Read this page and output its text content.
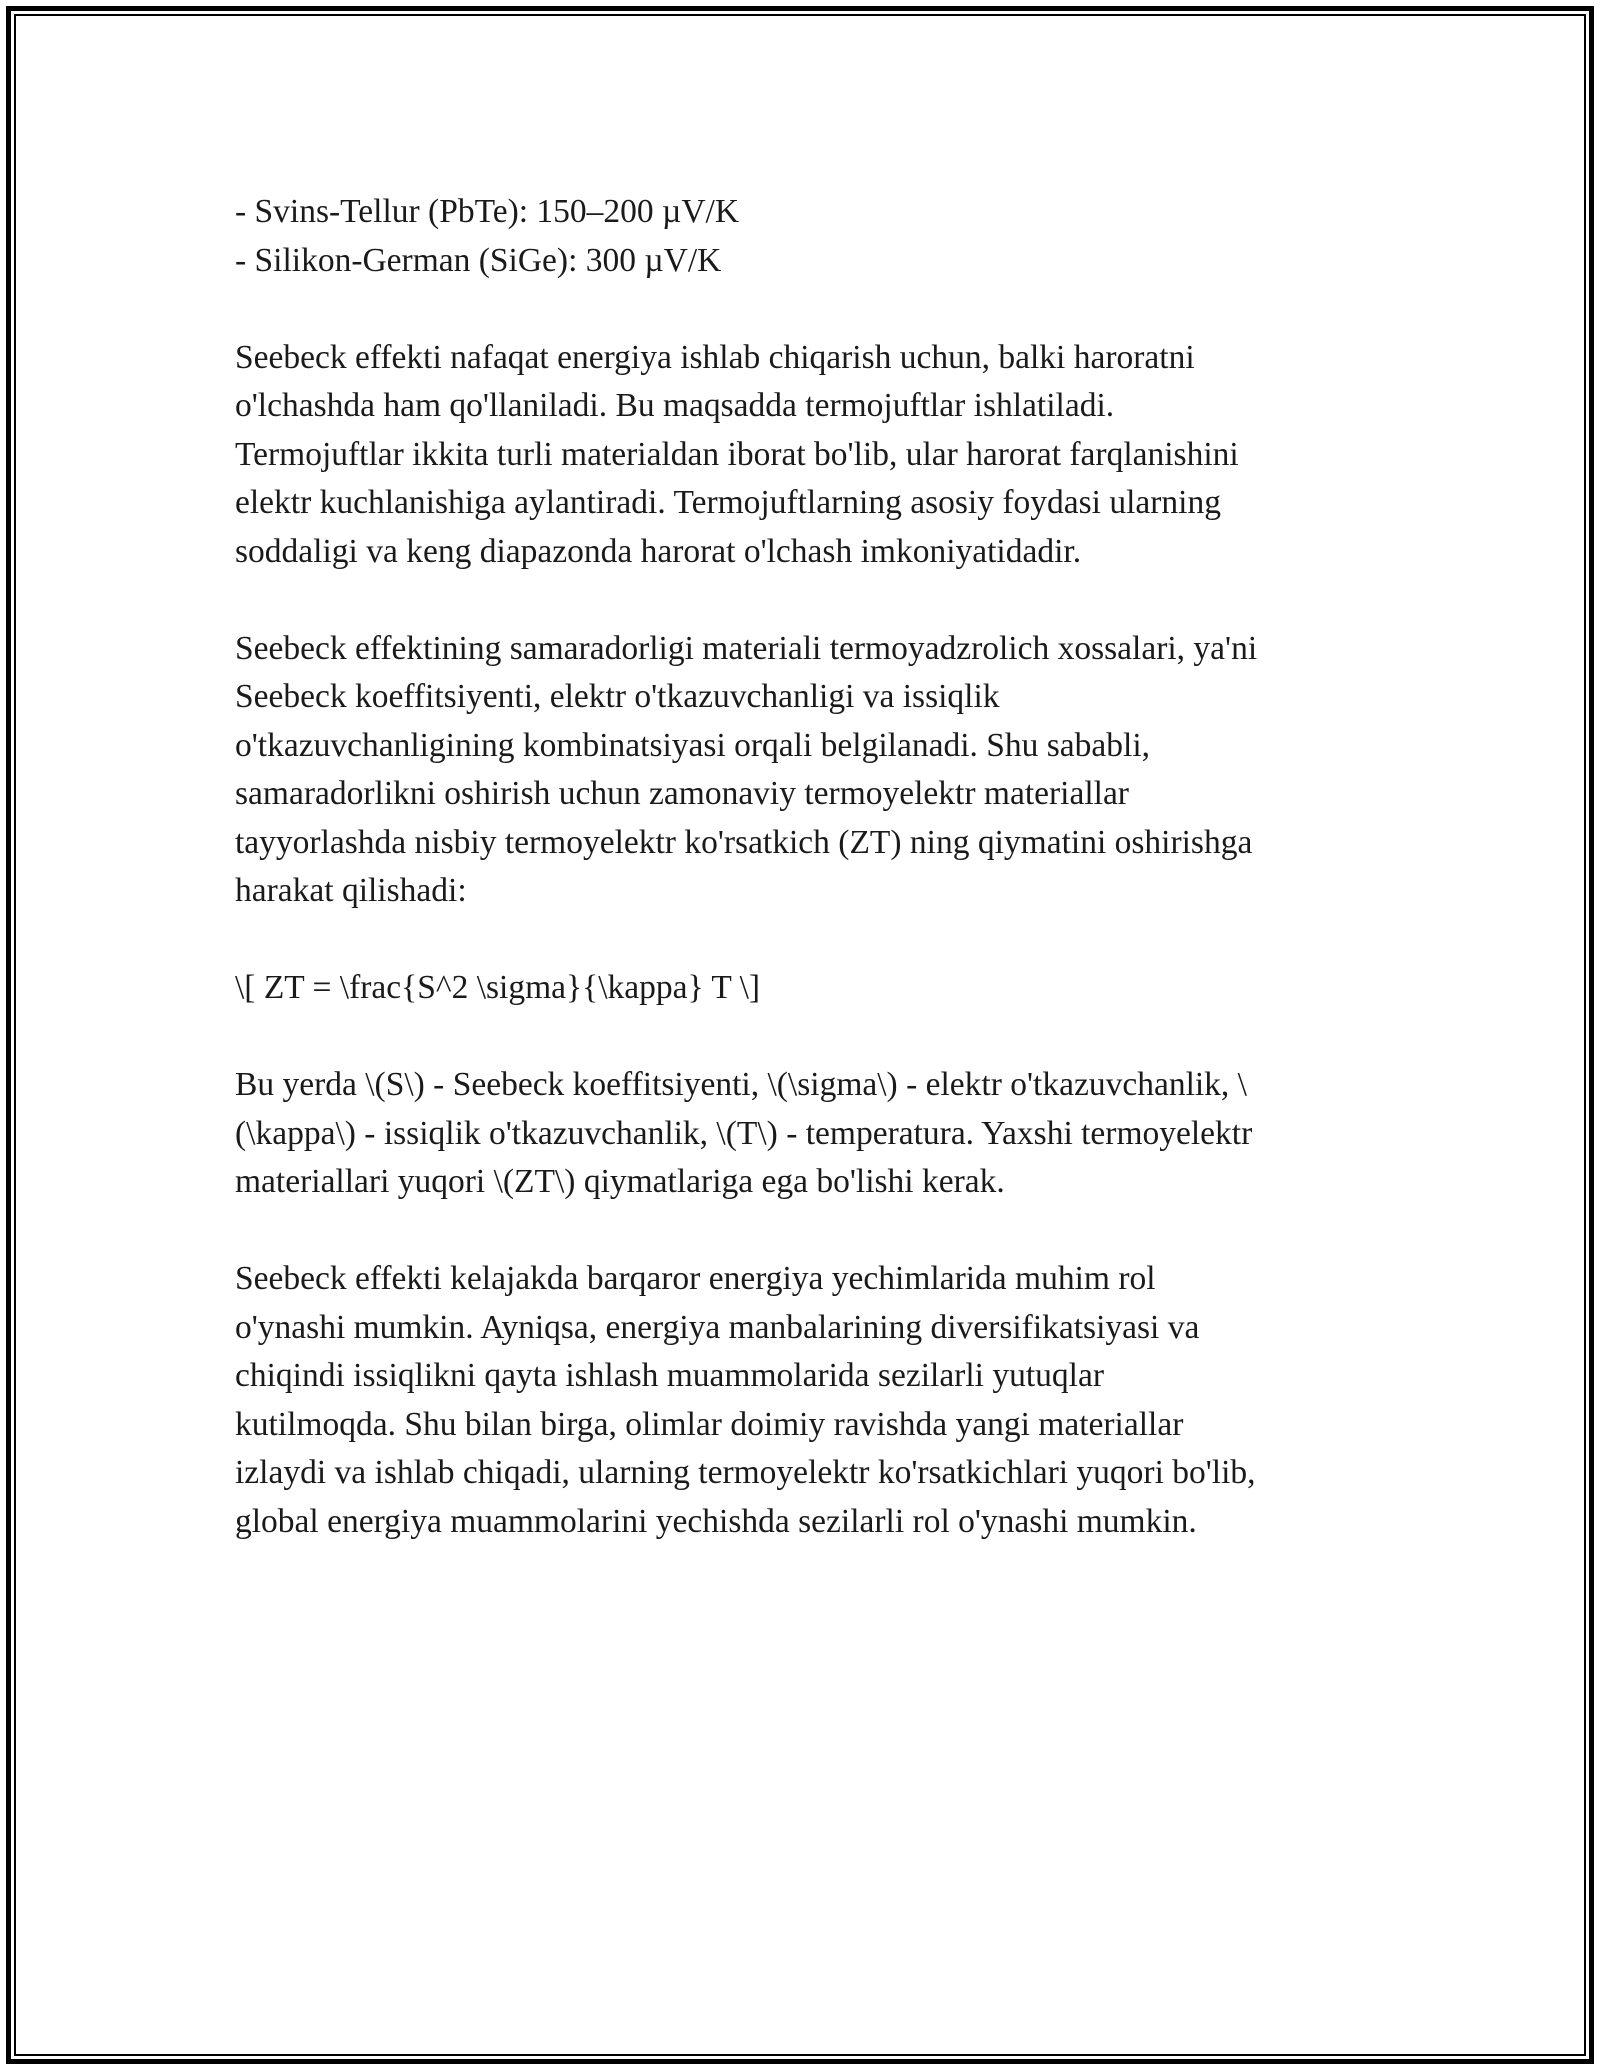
- Svins-Tellur (PbTe): 150–200 µV/K
- Silikon-German (SiGe): 300 µV/K

Seebeck effekti nafaqat energiya ishlab chiqarish uchun, balki haroratni
o'lchashda ham qo'llaniladi. Bu maqsadda termojuftlar ishlatiladi.
Termojuftlar ikkita turli materialdan iborat bo'lib, ular harorat farqlanishini
elektr kuchlanishiga aylantiradi. Termojuftlarning asosiy foydasi ularning
soddaligi va keng diapazonda harorat o'lchash imkoniyatidadir.

Seebeck effektining samaradorligi materiali termoyadzrolich xossalari, ya'ni
Seebeck koeffitsiyenti, elektr o'tkazuvchanligi va issiqlik
o'tkazuvchanligining kombinatsiyasi orqali belgilanadi. Shu sababli,
samaradorlikni oshirish uchun zamonaviy termoyelektr materiallar
tayyorlashda nisbiy termoyelektr ko'rsatkich (ZT) ning qiymatini oshirishga
harakat qilishadi:

\[ ZT = \frac{S^2 \sigma}{\kappa} T \]

Bu yerda \(S\) - Seebeck koeffitsiyenti, \(\sigma\) - elektr o'tkazuvchanlik, \
(\kappa\) - issiqlik o'tkazuvchanlik, \(T\) - temperatura. Yaxshi termoyelektr
materiallari yuqori \(ZT\) qiymatlariga ega bo'lishi kerak.

Seebeck effekti kelajakda barqaror energiya yechimlarida muhim rol
o'ynashi mumkin. Ayniqsa, energiya manbalarining diversifikatsiyasi va
chiqindi issiqlikni qayta ishlash muammolarida sezilarli yutuqlar
kutilmoqda. Shu bilan birga, olimlar doimiy ravishda yangi materiallar
izlaydi va ishlab chiqadi, ularning termoyelektr ko'rsatkichlari yuqori bo'lib,
global energiya muammolarini yechishda sezilarli rol o'ynashi mumkin.
